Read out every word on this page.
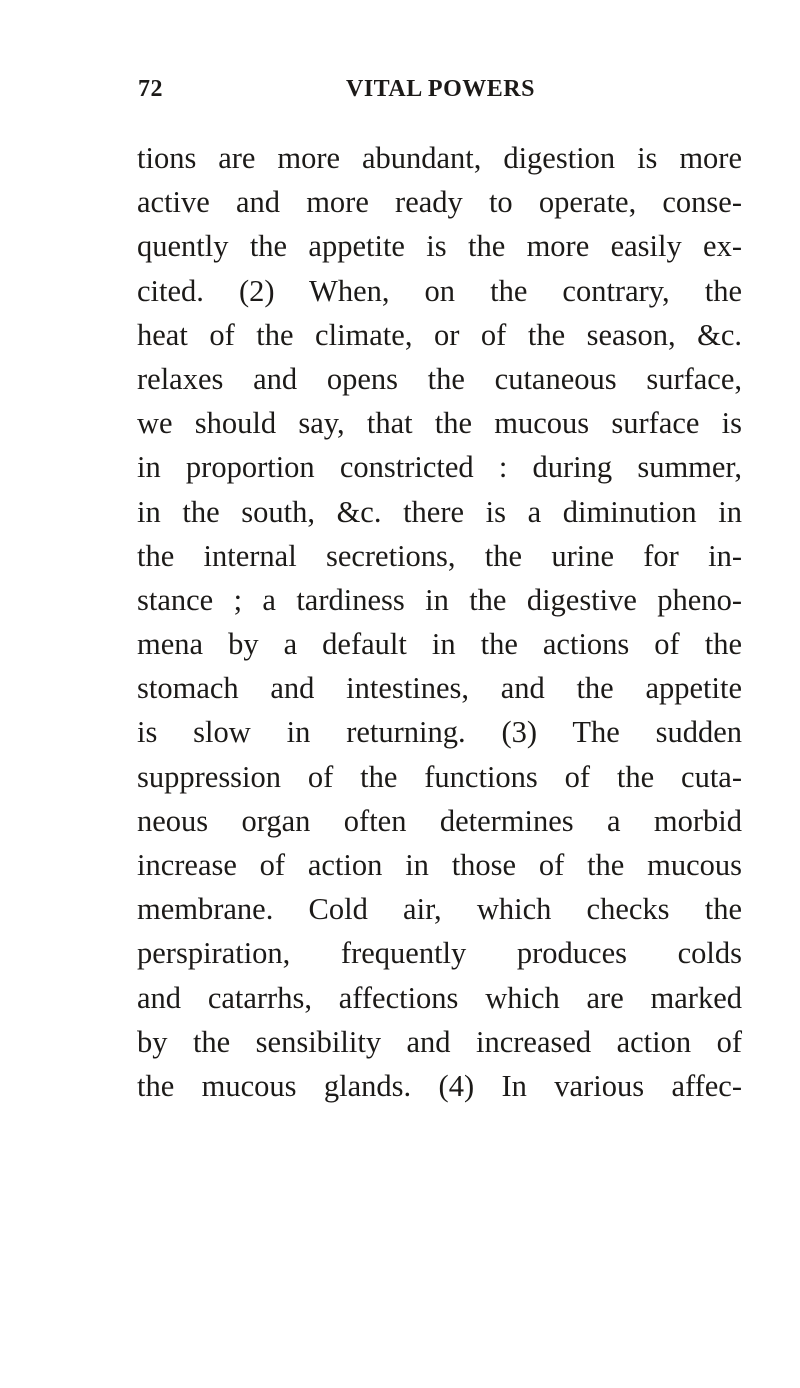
72	VITAL POWERS
tions are more abundant, digestion is more
active and more ready to operate, conse-
quently the appetite is the more easily ex-
cited. (2) When, on the contrary, the
heat of the climate, or of the season, &c.
relaxes and opens the cutaneous surface,
we should say, that the mucous surface is
in proportion constricted : during summer,
in the south, &c. there is a diminution in
the internal secretions, the urine for in-
stance ; a tardiness in the digestive pheno-
mena by a default in the actions of the
stomach and intestines, and the appetite
is slow in returning. (3) The sudden
suppression of the functions of the cuta-
neous organ often determines a morbid
increase of action in those of the mucous
membrane. Cold air, which checks the
perspiration, frequently produces colds
and catarrhs, affections which are marked
by the sensibility and increased action of
the mucous glands. (4) In various affec-
